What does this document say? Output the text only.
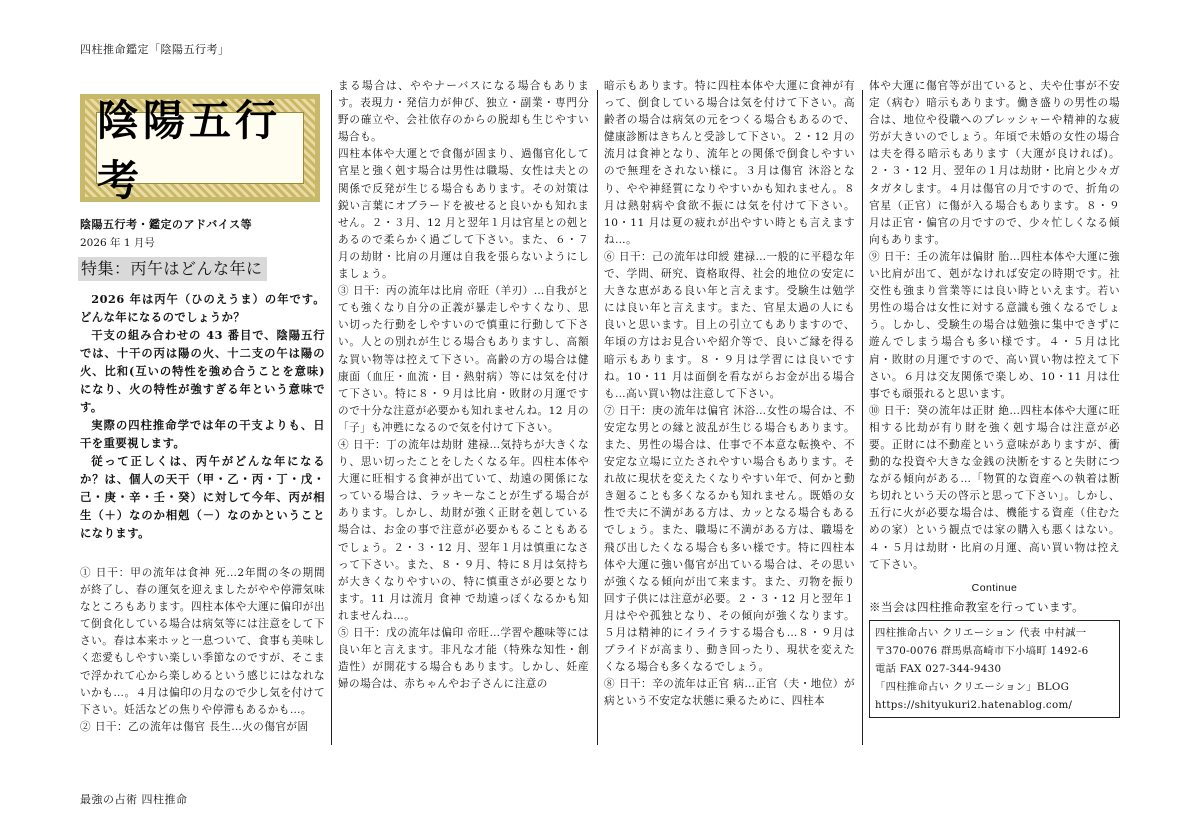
四柱推命鑑定「陰陽五行考」
陰陽五行考
陰陽五行考・鑑定のアドバイス等
2026 年 1 月号
特集：丙午はどんな年に

2026 年は丙午（ひのえうま）の年です。どんな年になるのでしょうか？

干支の組み合わせの 43 番目で、陰陽五行では、十干の丙は陽の火、十二支の午は陽の火、比和(互いの特性を強め合うことを意味)になり、火の特性が強すぎる年という意味です。

実際の四柱推命学では年の干支よりも、日干を重要視します。

従って正しくは、丙午がどんな年になるか？は、個人の天干（甲・乙・丙・丁・戊・己・庚・辛・壬・癸）に対して今年、丙が相生（＋）なのか相剋（－）なのかということになります。

① 日干：甲の流年は食神 死…2年間の冬の期間が終了し、春の運気を迎えましたがやや停滞気味なところもあります。四柱本体や大運に偏印が出て倒食化している場合は病気等には注意をして下さい。春は本来ホッと一息ついて、食事も美味しく恋愛もしやすい楽しい季節なのですが、そこまで浮かれて心から楽しめるという感じにはなれないかも…。４月は偏印の月なので少し気を付けて下さい。妊活などの焦りや停滞もあるかも…。

② 日干：乙の流年は傷官 長生…火の傷官が固

まる場合は、ややナーバスになる場合もあります。表現力・発信力が伸び、独立・副業・専門分野の確立や、会社依存のからの脱却も生じやすい場合も。

四柱本体や大運とで食傷が固まり、過傷官化して官星と強く剋す場合は男性は職場、女性は夫との関係で反発が生じる場合もあります。その対策は鋭い言葉にオブラードを被せると良いかも知れません。２・３月、12 月と翌年１月は官星との剋とあるので柔らかく過ごして下さい。また、６・７月の劫財・比肩の月運は自我を張らないようにしましょう。

③ 日干：丙の流年は比肩 帝旺（羊刃）…自我がとても強くなり自分の正義が暴走しやすくなり、思い切った行動をしやすいので慎重に行動して下さい。人との別れが生じる場合もありますし、高額な買い物等は控えて下さい。高齢の方の場合は健康面（血圧・血流・目・熱射病）等には気を付けて下さい。特に８・９月は比肩・敗財の月運ですので十分な注意が必要かも知れませんね。12 月の「子」も冲甦になるので気を付けて下さい。

④ 日干：丁の流年は劫財 建禄…気持ちが大きくなり、思い切ったことをしたくなる年。四柱本体や大運に旺相する食神が出ていて、劫遠の関係になっている場合は、ラッキーなことが生ずる場合があります。しかし、劫財が強く正財を剋している場合は、お金の事で注意が必要かもることもあるでしょう。２・３・12 月、翌年１月は慎重になさって下さい。また、８・９月、特に８月は気持ちが大きくなりやすいの、特に慎重さが必要となります。11 月は流月 食神 で劫遠っぽくなるかも知れませんね…。

⑤ 日干：戊の流年は偏印 帝旺…学習や趣味等には良い年と言えます。非凡な才能（特殊な知性・創造性）が開花する場合もあります。しかし、妊産婦の場合は、赤ちゃんやお子さんに注意の

暗示もあります。特に四柱本体や大運に食神が有って、倒食している場合は気を付けて下さい。高齢者の場合は病気の元をつくる場合もあるので、健康診断はきちんと受診して下さい。２・12 月の流月は食神となり、流年との関係で倒食しやすいので無理をされない様に。３月は傷官 沐浴となり、やや神経質になりやすいかも知れません。８月は熱射病や食欲不振には気を付けて下さい。10・11 月は夏の疲れが出やすい時とも言えますね…。

⑥ 日干：己の流年は印綬 建禄…一般的に平穏な年で、学問、研究、資格取得、社会的地位の安定に大きな恵がある良い年と言えます。受験生は勉学には良い年と言えます。また、官星太過の人にも良いと思います。目上の引立てもありますので、年頃の方はお見合いや紹介等で、良いご縁を得る暗示もあります。８・９月は学習には良いですね。10・11 月は面倒を看ながらお金が出る場合も…高い買い物は注意して下さい。

⑦ 日干：庚の流年は偏官 沐浴…女性の場合は、不安定な男との縁と波乱が生じる場合もあります。また、男性の場合は、仕事で不本意な転換や、不安定な立場に立たされやすい場合もあります。それ故に現状を変えたくなりやすい年で、何かと動き廻ることも多くなるかも知れません。既婚の女性で夫に不満がある方は、カッとなる場合もあるでしょう。また、職場に不満がある方は、職場を飛び出したくなる場合も多い様です。特に四柱本体や大運に強い傷官が出ている場合は、その思いが強くなる傾向が出て来ます。また、刃物を振り回す子供には注意が必要。２・３・12 月と翌年１月はやや孤独となり、その傾向が強くなります。５月は精神的にイライラする場合も…８・９月はプライドが高まり、動き回ったり、現状を変えたくなる場合も多くなるでしょう。

⑧ 日干：辛の流年は正官 病…正官（夫・地位）が病という不安定な状態に乗るために、四柱本

体や大運に傷官等が出ていると、夫や仕事が不安定（病む）暗示もあります。働き盛りの男性の場合は、地位や役職へのプレッシャーや精神的な疲労が大きいのでしょう。年頃で未婚の女性の場合は夫を得る暗示もあります（大運が良ければ)。２・３・12 月、翌年の１月は劫財・比肩と少々ガタガタします。４月は傷官の月ですので、折角の官星（正官）に傷が入る場合もあります。８・９月は正官・偏官の月ですので、少々忙しくなる傾向もあります。

⑨ 日干：壬の流年は偏財 胎…四柱本体や大運に強い比肩が出て、剋がなければ安定の時期です。社交性も強まり営業等には良い時といえます。若い男性の場合は女性に対する意識も強くなるでしょう。しかし、受験生の場合は勉強に集中できずに遊んでしまう場合も多い様です。４・５月は比肩・敗財の月運ですので、高い買い物は控えて下さい。６月は交友関係で楽しめ、10・11 月は仕事でも頑張れると思います。

⑩ 日干：癸の流年は正財 絶…四柱本体や大運に旺相する比劫が有り財を強く剋す場合は注意が必要。正財には不動産という意味がありますが、衝動的な投資や大きな金銭の決断をすると失財につながる傾向がある…「物質的な資産への執着は断ち切れという天の啓示と思って下さい」。しかし、五行に火が必要な場合は、機能する資産（住むための家）という観点では家の購入も悪くはない。４・５月は劫財・比肩の月運、高い買い物は控えて下さい。

Continue
※当会は四柱推命教室を行っています。
四柱推命占い クリエーション 代表 中村誠一
〒370-0076 群馬県高崎市下小塙町 1492-6
電話 FAX 027-344-9430
「四柱推命占い クリエーション」BLOG
https://shityukuri2.hatenablog.com/
最強の占術 四柱推命
